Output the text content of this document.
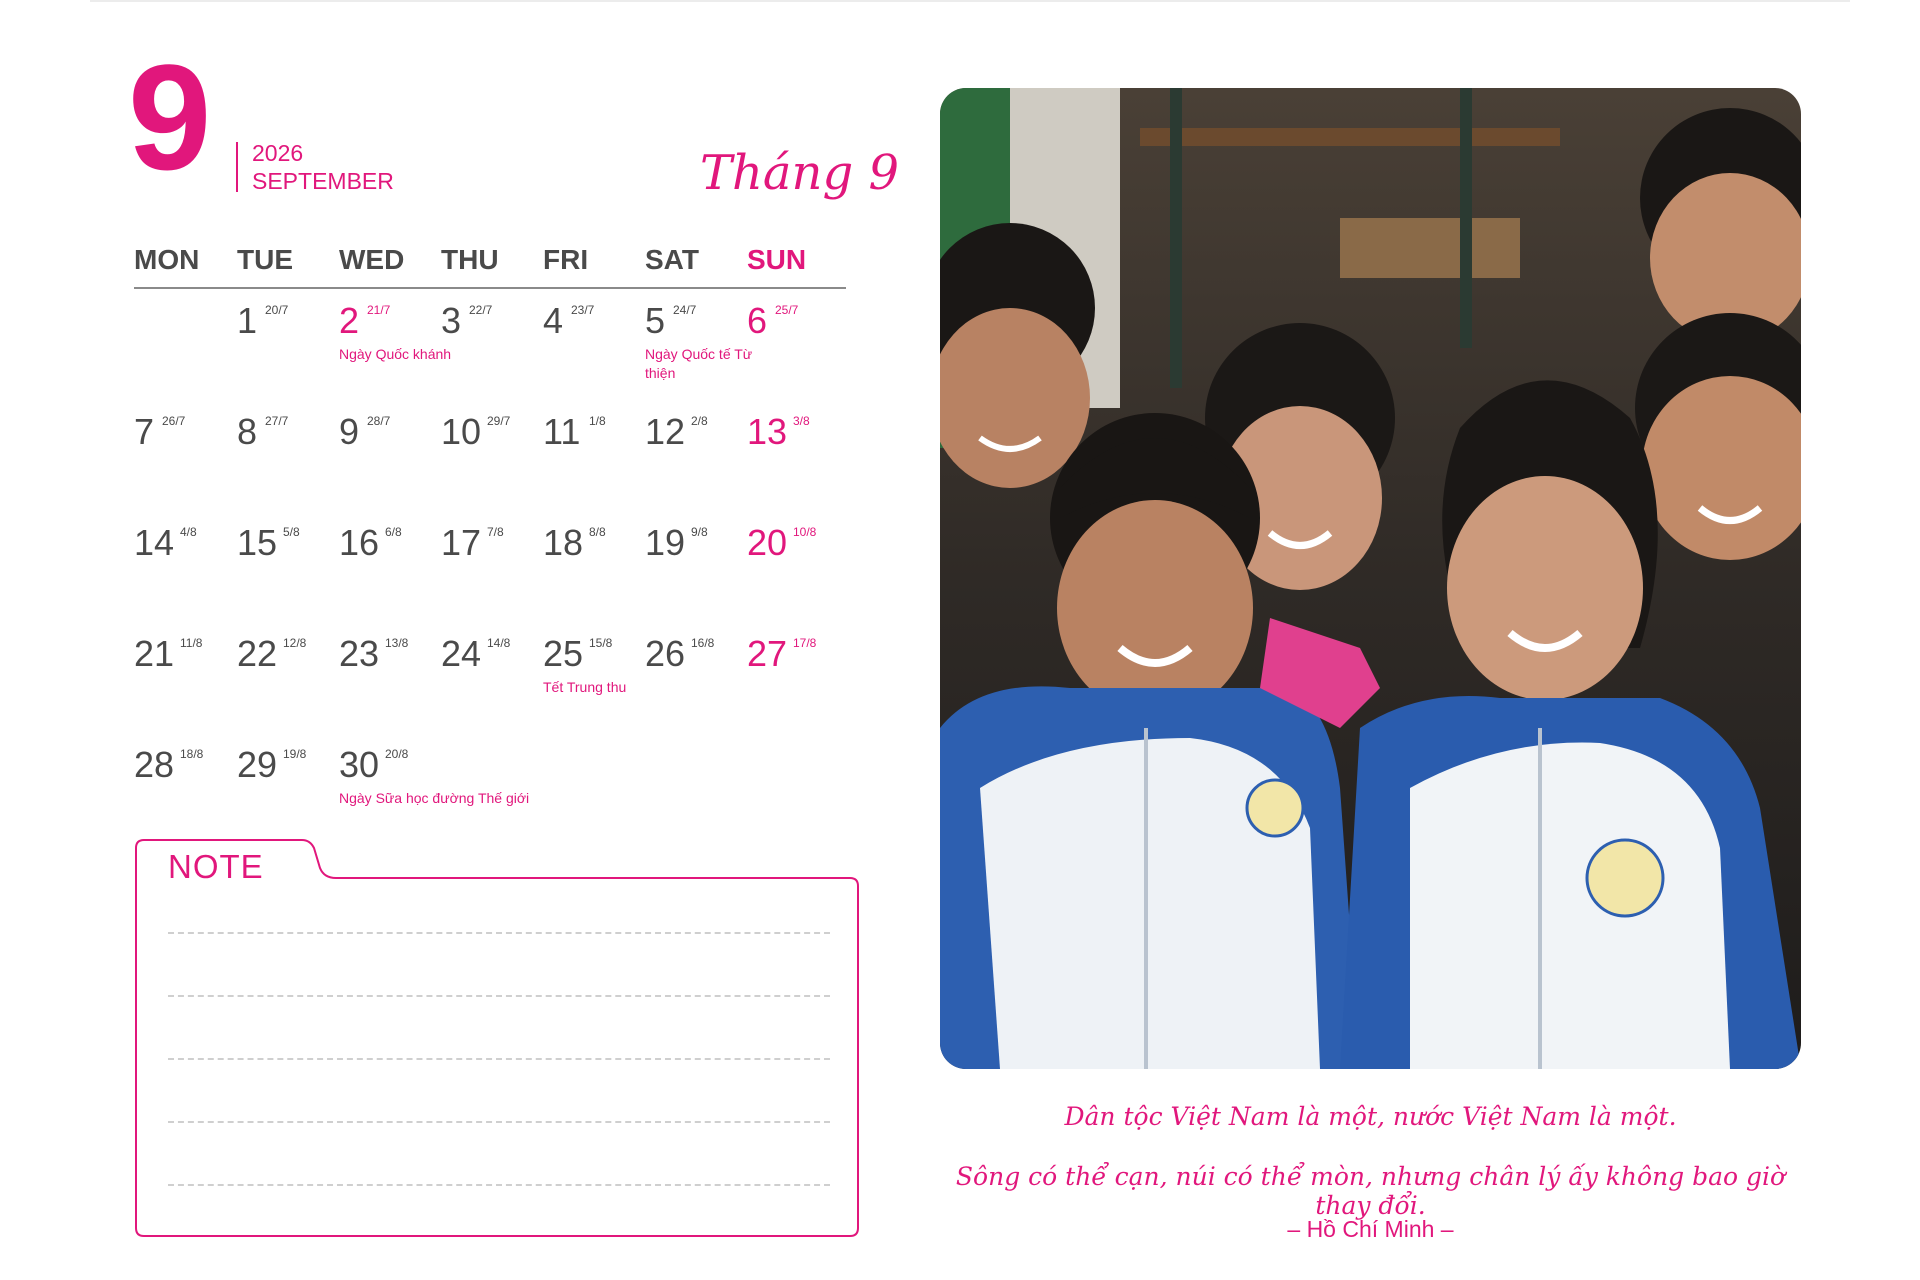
9 2026
SEPTEMBER	Tháng 9
MON TUE WED THU FRI SAT SUN
1 20/7 2 21/7
Ngày Quốc khánh
3 22/7 4 23/7 5 24/7
Ngày Quốc tế Từ thiện
6 25/7
7 26/7 8 27/7 9 28/7 10 29/7 11 1/8 12 2/8 13 3/8
14 4/8 15 5/8 16 6/8 17 7/8 18 8/8 19 9/8 20 10/8
21 11/8 22 12/8 23 13/8 24 14/8 25 15/8
Tết Trung thu
26 16/8 27 17/8
28 18/8 29 19/8 30 20/8
Ngày Sữa học đường Thế giới
NOTE
Dân tộc Việt Nam là một, nước Việt Nam là một.
Sông có thể cạn, núi có thể mòn, nhưng chân lý ấy không bao giờ thay đổi.
– Hồ Chí Minh –
